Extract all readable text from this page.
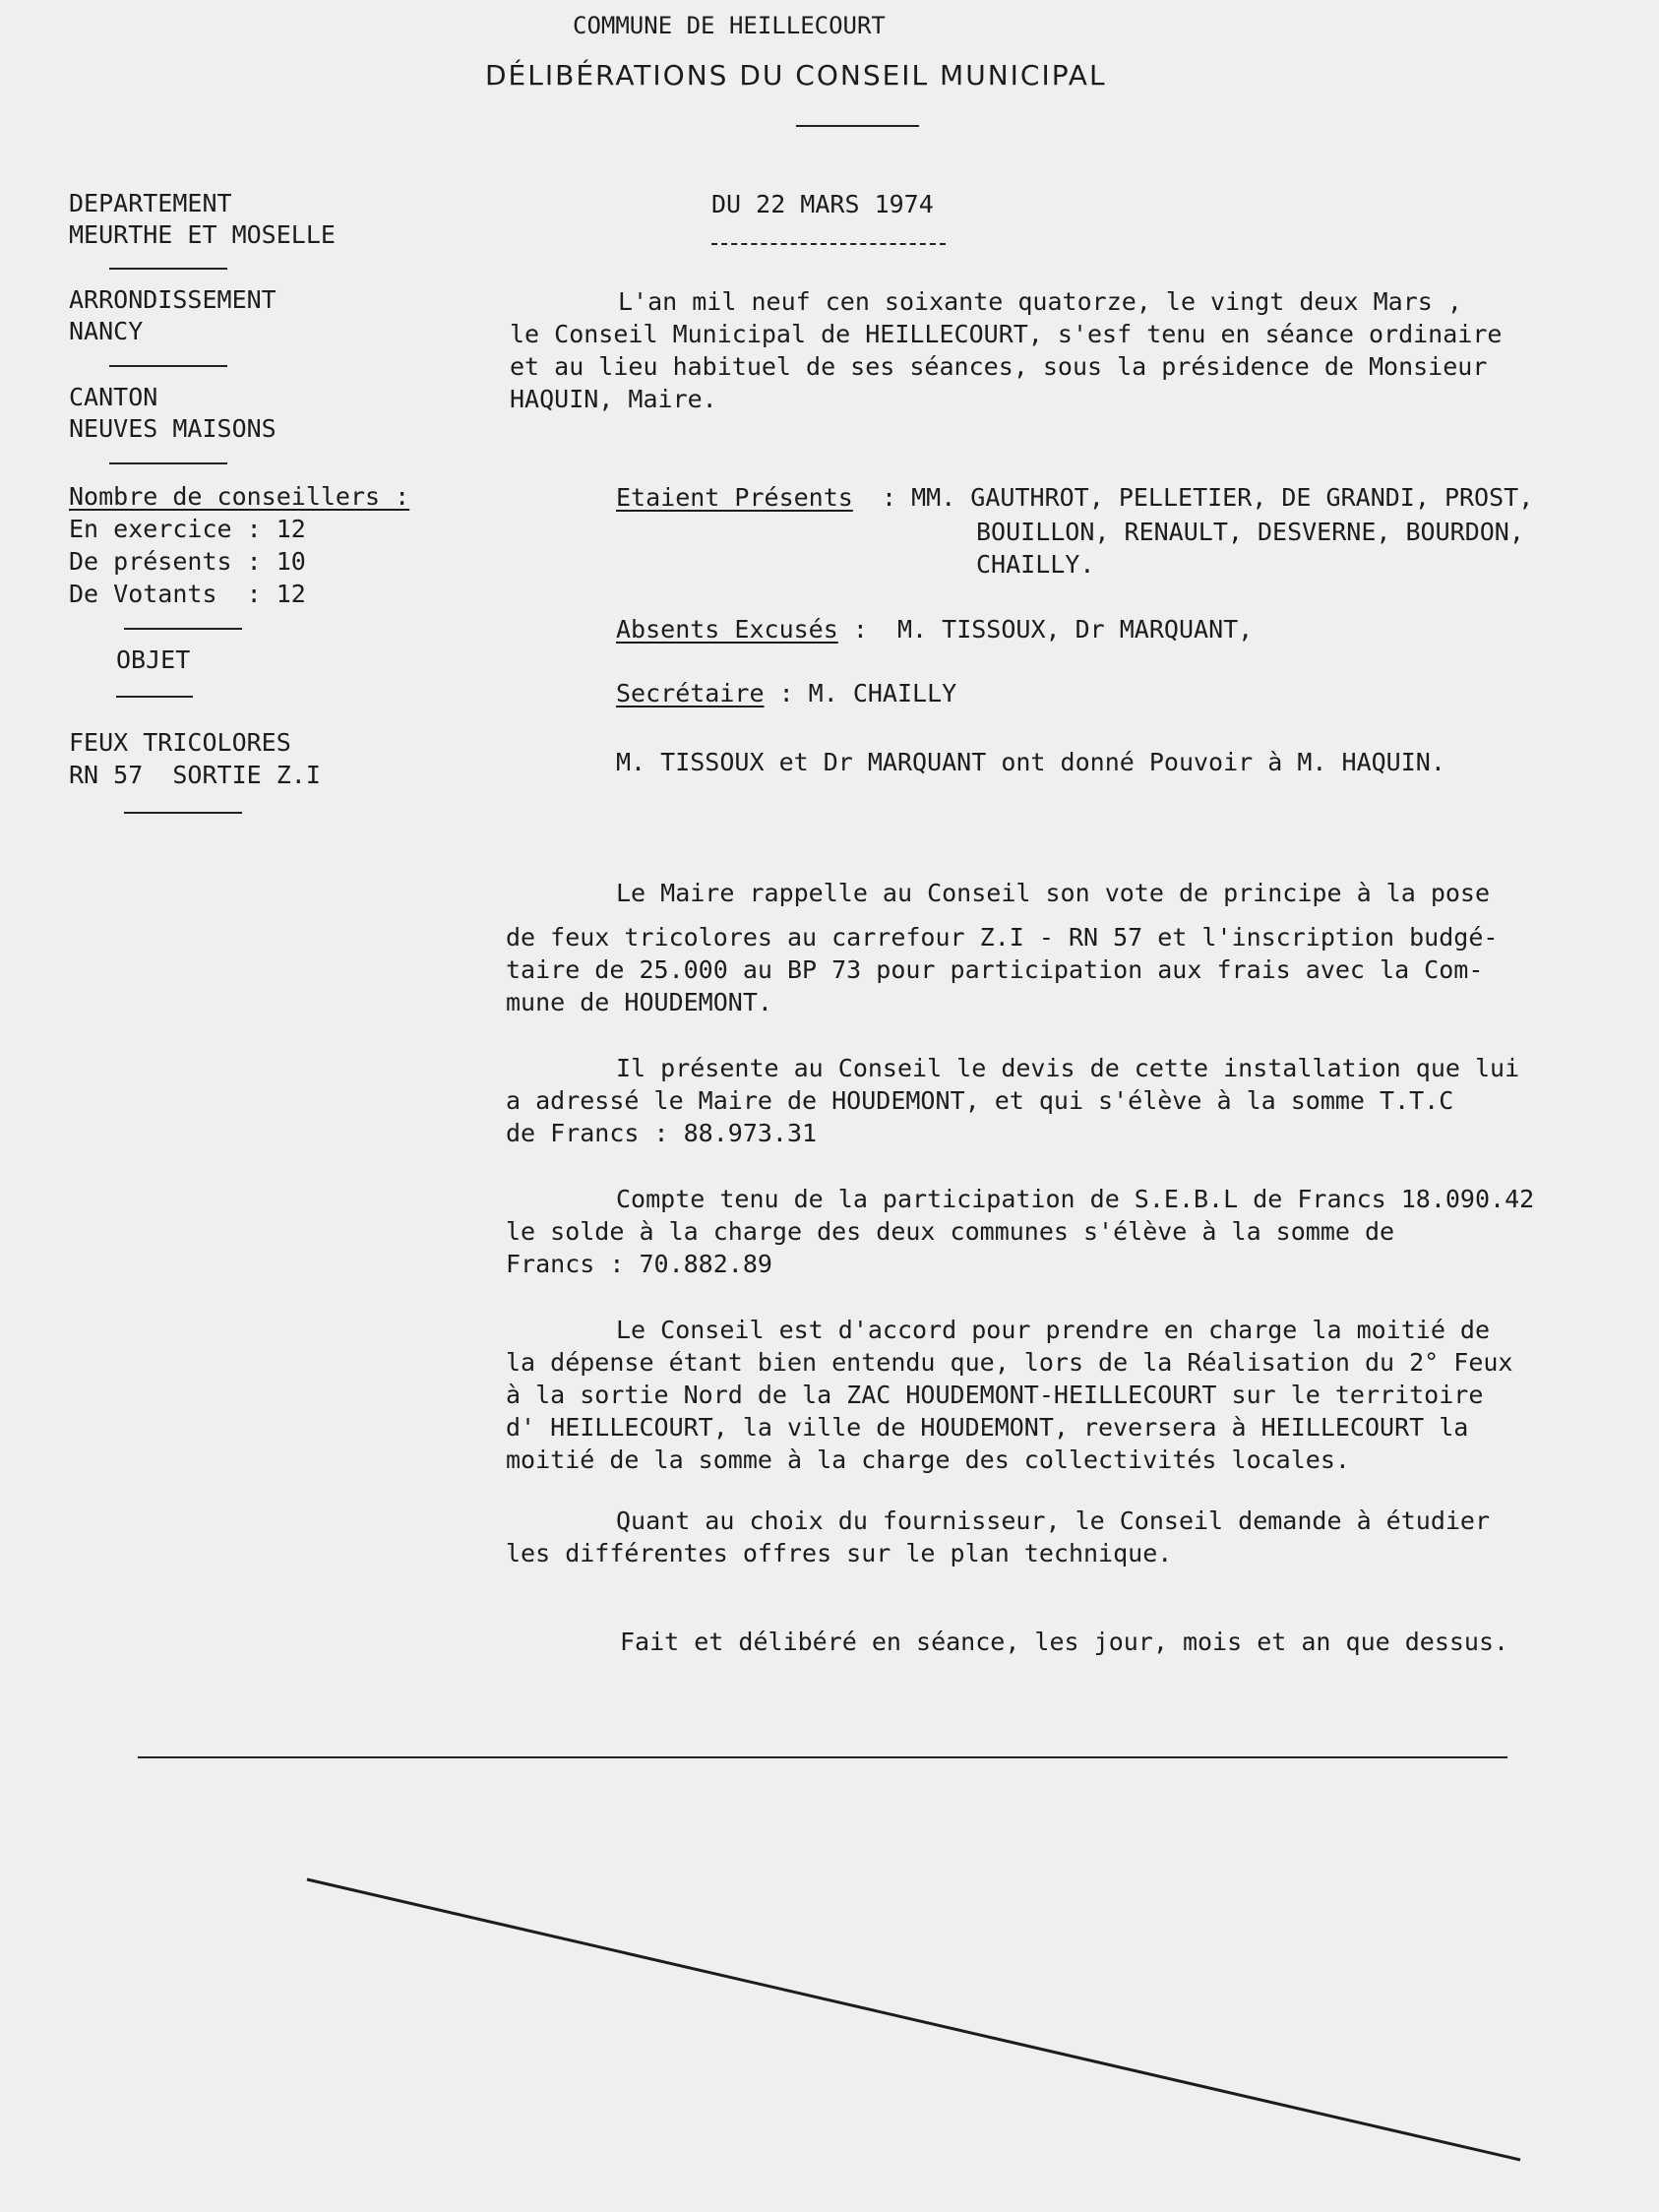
COMMUNE DE HEILLECOURT
DÉLIBÉRATIONS DU CONSEIL MUNICIPAL
DEPARTEMENT
MEURTHE ET MOSELLE
ARRONDISSEMENT
NANCY
CANTON
NEUVES MAISONS
Nombre de conseillers :
En exercice : 12
De présents : 10
De Votants  : 12
OBJET
FEUX TRICOLORES
RN 57  SORTIE Z.I
DU 22 MARS 1974
L'an mil neuf cen soixante quatorze, le vingt deux Mars ,
le Conseil Municipal de HEILLECOURT, s'esf tenu en séance ordinaire
et au lieu habituel de ses séances, sous la présidence de Monsieur
HAQUIN, Maire.
Etaient Présents : MM. GAUTHROT, PELLETIER, DE GRANDI, PROST,
BOUILLON, RENAULT, DESVERNE, BOURDON,
CHAILLY.
Absents Excusés :  M. TISSOUX, Dr MARQUANT,
Secrétaire : M. CHAILLY
M. TISSOUX et Dr MARQUANT ont donné Pouvoir à M. HAQUIN.
Le Maire rappelle au Conseil son vote de principe à la pose
de feux tricolores au carrefour Z.I - RN 57 et l'inscription budgé-
taire de 25.000 au BP 73 pour participation aux frais avec la Com-
mune de HOUDEMONT.
Il présente au Conseil le devis de cette installation que lui
a adressé le Maire de HOUDEMONT, et qui s'élève à la somme T.T.C
de Francs : 88.973.31
Compte tenu de la participation de S.E.B.L de Francs 18.090.42
le solde à la charge des deux communes s'élève à la somme de
Francs : 70.882.89
Le Conseil est d'accord pour prendre en charge la moitié de
la dépense étant bien entendu que, lors de la Réalisation du 2° Feux
à la sortie Nord de la ZAC HOUDEMONT-HEILLECOURT sur le territoire
d' HEILLECOURT, la ville de HOUDEMONT, reversera à HEILLECOURT la
moitié de la somme à la charge des collectivités locales.
Quant au choix du fournisseur, le Conseil demande à étudier
les différentes offres sur le plan technique.
Fait et délibéré en séance, les jour, mois et an que dessus.
